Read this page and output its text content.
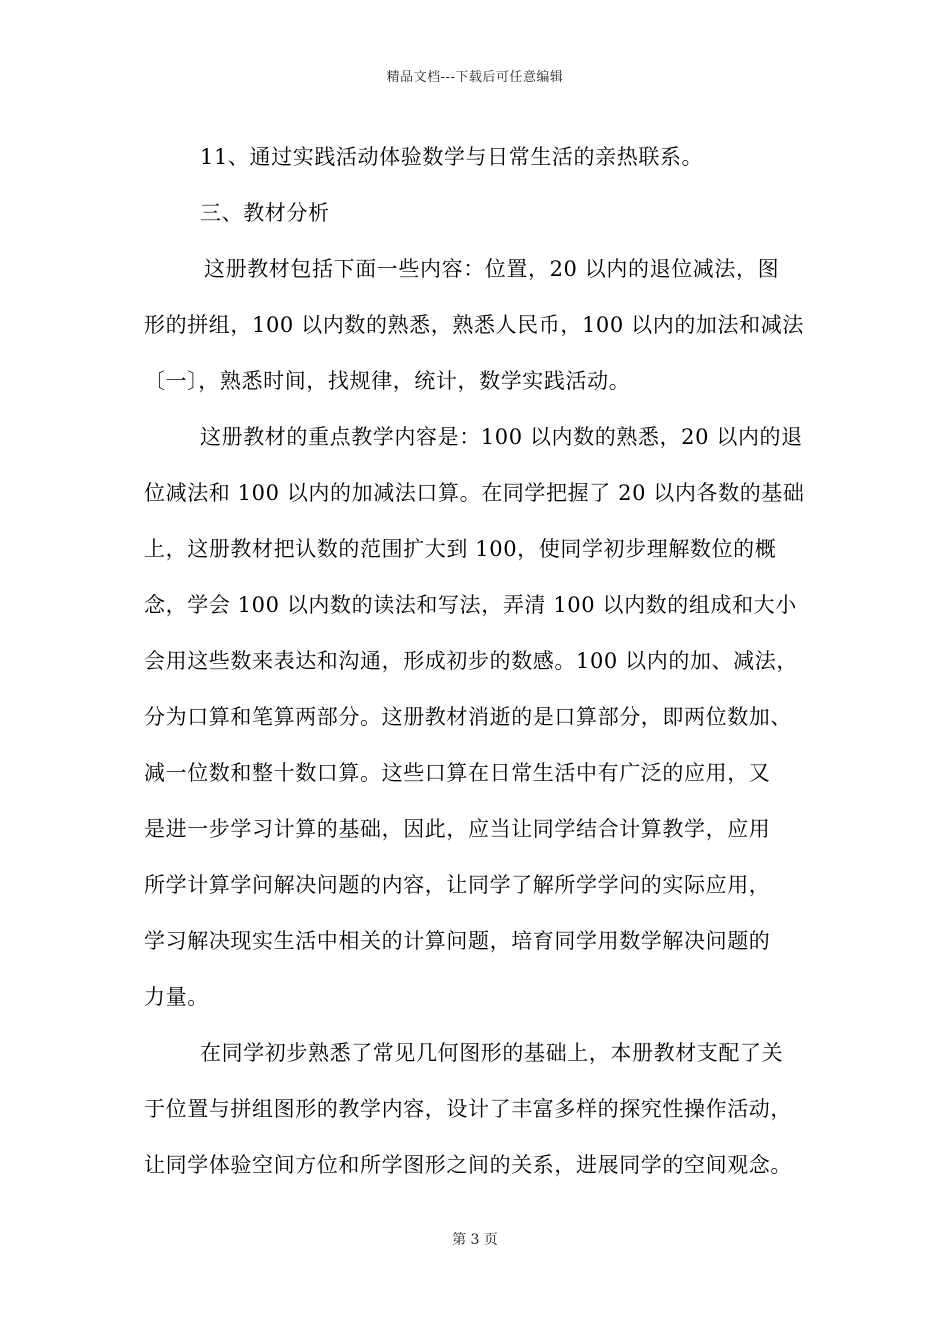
精品文档---下载后可任意编辑
11、通过实践活动体验数学与日常生活的亲热联系。
三、教材分析
这册教材包括下面一些内容：位置，20 以内的退位减法，图
形的拼组，100 以内数的熟悉，熟悉人民币，100 以内的加法和减法
〔一〕，熟悉时间，找规律，统计，数学实践活动。
这册教材的重点教学内容是：100 以内数的熟悉，20 以内的退
位减法和 100 以内的加减法口算。在同学把握了 20 以内各数的基础
上，这册教材把认数的范围扩大到 100，使同学初步理解数位的概
念，学会 100 以内数的读法和写法，弄清 100 以内数的组成和大小
会用这些数来表达和沟通，形成初步的数感。100 以内的加、减法，
分为口算和笔算两部分。这册教材消逝的是口算部分，即两位数加、
减一位数和整十数口算。这些口算在日常生活中有广泛的应用，又
是进一步学习计算的基础，因此，应当让同学结合计算教学，应用
所学计算学问解决问题的内容，让同学了解所学学问的实际应用，
学习解决现实生活中相关的计算问题，培育同学用数学解决问题的
力量。
在同学初步熟悉了常见几何图形的基础上，本册教材支配了关
于位置与拼组图形的教学内容，设计了丰富多样的探究性操作活动，
让同学体验空间方位和所学图形之间的关系，进展同学的空间观念。
第 3 页
